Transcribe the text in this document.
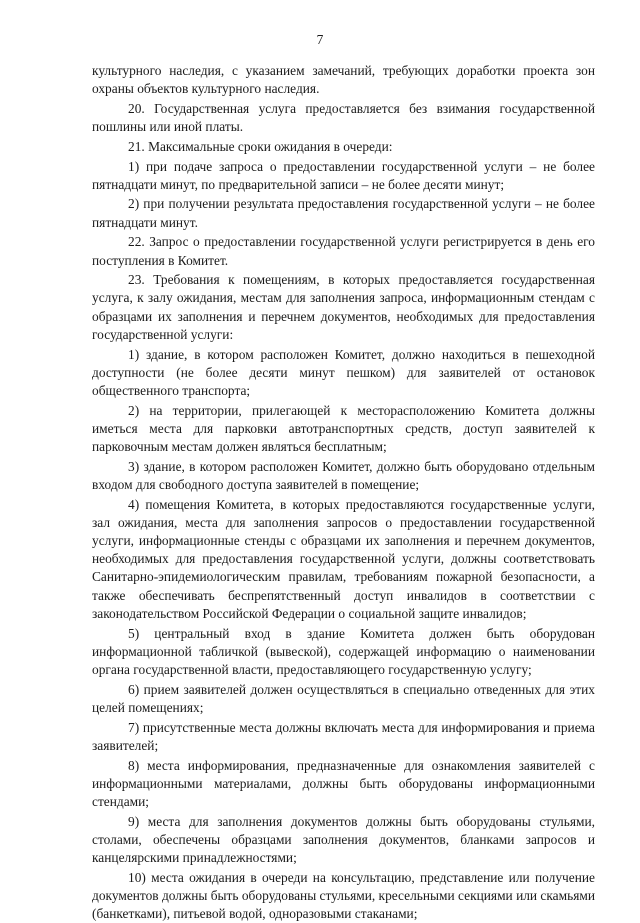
7

культурного наследия, с указанием замечаний, требующих доработки проекта зон охраны объектов культурного наследия.

20. Государственная услуга предоставляется без взимания государственной пошлины или иной платы.

21. Максимальные сроки ожидания в очереди:

1) при подаче запроса о предоставлении государственной услуги – не более пятнадцати минут, по предварительной записи – не более десяти минут;

2) при получении результата предоставления государственной услуги – не более пятнадцати минут.

22. Запрос о предоставлении государственной услуги регистрируется в день его поступления в Комитет.

23. Требования к помещениям, в которых предоставляется государственная услуга, к залу ожидания, местам для заполнения запроса, информационным стендам с образцами их заполнения и перечнем документов, необходимых для предоставления государственной услуги:

1) здание, в котором расположен Комитет, должно находиться в пешеходной доступности (не более десяти минут пешком) для заявителей от остановок общественного транспорта;

2) на территории, прилегающей к месторасположению Комитета должны иметься места для парковки автотранспортных средств, доступ заявителей к парковочным местам должен являться бесплатным;

3) здание, в котором расположен Комитет, должно быть оборудовано отдельным входом для свободного доступа заявителей в помещение;

4) помещения Комитета, в которых предоставляются государственные услуги, зал ожидания, места для заполнения запросов о предоставлении государственной услуги, информационные стенды с образцами их заполнения и перечнем документов, необходимых для предоставления государственной услуги, должны соответствовать Санитарно-эпидемиологическим правилам, требованиям пожарной безопасности, а также обеспечивать беспрепятственный доступ инвалидов в соответствии с законодательством Российской Федерации о социальной защите инвалидов;

5) центральный вход в здание Комитета должен быть оборудован информационной табличкой (вывеской), содержащей информацию о наименовании органа государственной власти, предоставляющего государственную услугу;

6) прием заявителей должен осуществляться в специально отведенных для этих целей помещениях;

7) присутственные места должны включать места для информирования и приема заявителей;

8) места информирования, предназначенные для ознакомления заявителей с информационными материалами, должны быть оборудованы информационными стендами;

9) места для заполнения документов должны быть оборудованы стульями, столами, обеспечены образцами заполнения документов, бланками запросов и канцелярскими принадлежностями;

10) места ожидания в очереди на консультацию, представление или получение документов должны быть оборудованы стульями, кресельными секциями или скамьями (банкетками), питьевой водой, одноразовыми стаканами;
